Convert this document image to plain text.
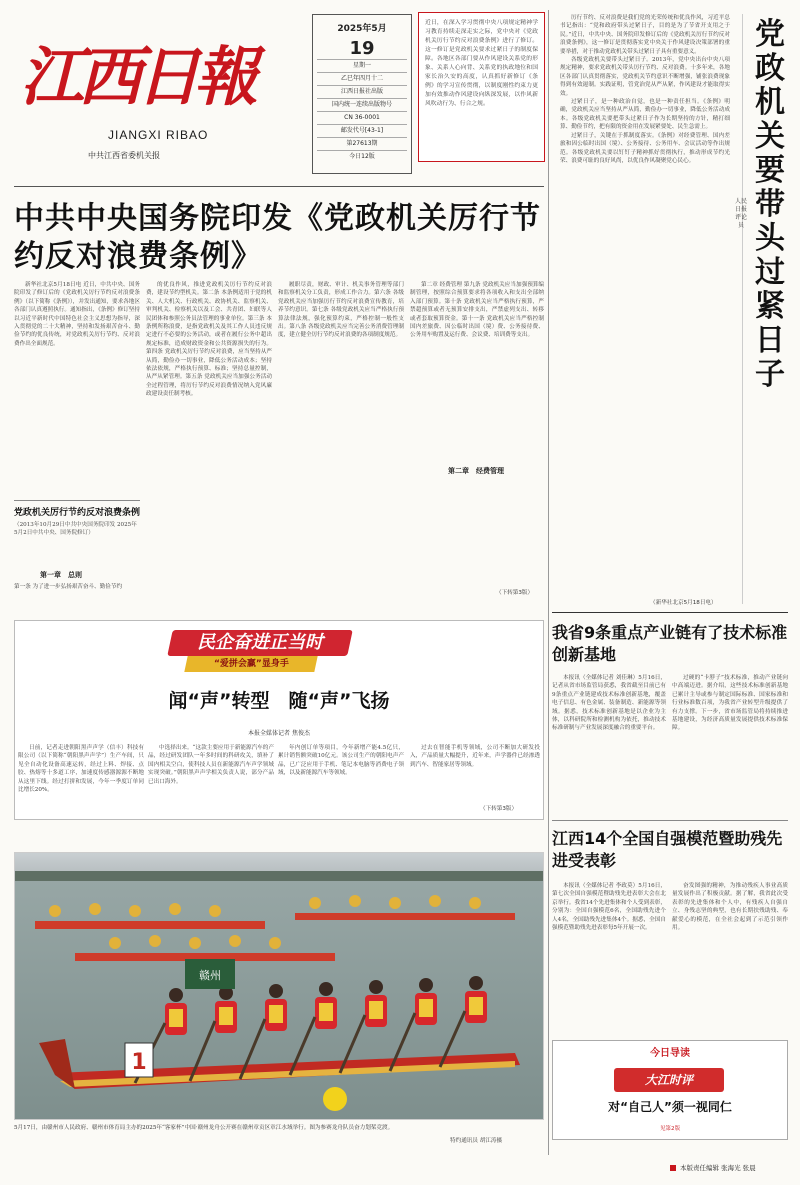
江西日報
JIANGXI RIBAO
中共江西省委机关报
2025年5月
19
星期一
乙巳年四月十二
江西日报社出版
国内统一连续出版物号
CN 36-0001
邮发代号[43-1]
第27613期
今日12版
近日，在深入学习贯彻中央八项规定精神学习教育持续走深走实之际，党中央对《党政机关厉行节约反对浪费条例》进行了修订。这一修订是党政机关要求过紧日子的制度保障。各地区各部门要从作风建设关系党的形象、关系人心向背、关系党的执政地位和国家长治久安的高度，认真抓好新修订《条例》的学习宣传贯彻，以制度刚性约束力更加有效推动作风建设向纵深发展，以作风新风吹动行为、行合之规。
党政机关要带头过紧日子
人民日报评论员

厉行节约、反对浪费是我们党的光荣传统和优良作风，习近平总书记指出：“党和政府带头过紧日子，目的是为了节省开支用之于民。”近日，中共中央、国务院印发修订后的《党政机关厉行节约反对浪费条例》，这一修订是贯彻落实党中央关于作风建设决策部署的重要举措，对于推动党政机关带头过紧日子具有重要意义。

各级党政机关要带头过紧日子。2013年，党中央出台中央八项规定精神，要求党政机关带头厉行节约、反对浪费。十多年来，各地区各部门认真贯彻落实，党政机关节约意识不断增强，铺张浪费现象得到有效遏制。实践证明，管党治党从严从紧，作风建设才能取得实效。

过紧日子，是一种政治自觉，也是一种责任担当。《条例》明确，党政机关应当坚持从严从简，勤俭办一切事业，降低公务活动成本。各级党政机关要把带头过紧日子作为长期坚持的方针，精打细算、勤俭节约，把有限的资金用在发展紧要处、民生急需上。

过紧日子，关键在于抓制度落实。《条例》对经费管理、国内差旅和因公临时出国（境）、公务接待、公务用车、会议活动等作出规范。各级党政机关要以钉钉子精神抓好贯彻执行，推动形成节约光荣、浪费可耻的良好风尚，以优良作风凝聚党心民心。

（新华社北京5月18日电）
中共中央国务院印发《党政机关厉行节约反对浪费条例》

新华社北京5月18日电 近日，中共中央、国务院印发了修订后的《党政机关厉行节约反对浪费条例》（以下简称《条例》），并发出通知，要求各地区各部门认真遵照执行。通知指出，《条例》修订坚持以习近平新时代中国特色社会主义思想为指导，深入贯彻党的二十大精神，坚持和发扬艰苦奋斗、勤俭节约的优良传统，对党政机关厉行节约、反对浪费作出全面规范。

的优良作风，推进党政机关厉行节约反对浪费，建设节约型机关。第二条 本条例适用于党的机关、人大机关、行政机关、政协机关、监察机关、审判机关、检察机关以及工会、共青团、妇联等人民团体和参照公务员法管理的事业单位。第三条 本条例所称浪费，是指党政机关及其工作人员违反规定进行不必要的公务活动，或者在履行公务中超出规定标准，造成财政资金和公共资源损失的行为。第四条 党政机关厉行节约反对浪费，应当坚持从严从简，勤俭办一切事业，降低公务活动成本；坚持依法依规，严格执行预算、标准；坚持总量控制，从严从紧管理。第五条 党政机关应当加强公务活动全过程管理，将厉行节约反对浪费情况纳入党风廉政建设责任制考核。

履职尽责，财政、审计、机关事务管理等部门和监察机关分工负责，形成工作合力。第六条 各级党政机关应当加强厉行节约反对浪费宣传教育，培养节约意识。第七条 各级党政机关应当严格执行预算法律法规，强化预算约束，严格控制一般性支出。第八条 各级党政机关应当完善公务消费管理制度，建立健全厉行节约反对浪费的各项制度规范。

第二章 经费管理 第九条 党政机关应当加强预算编制管理，按照综合预算要求将各项收入和支出全部纳入部门预算。第十条 党政机关应当严格执行预算，严禁超预算或者无预算安排支出，严禁虚列支出、转移或者套取预算资金。第十一条 党政机关应当严格控制国内差旅费、因公临时出国（境）费、公务接待费、公务用车购置及运行费、会议费、培训费等支出。

第二章　经费管理
（下转第3版）
党政机关厉行节约反对浪费条例
（2013年10月29日中共中央国务院印发 2025年5月2日中共中央、国务院修订）
第一章　总则
第一条 为了进一步弘扬艰苦奋斗、勤俭节约
民企奋进正当时
“爱拼会赢”显身手
闻“声”转型　随“声”飞扬
本报全媒体记者 焦俊杰

日前，记者走进朝阳黑声声学（信丰）科技有限公司（以下简称“朝阳黑声声学”）生产车间，只见全自动化设备高速运转，经过上料、焊接、点胶、热熔等十多道工序，加速度传感器源源不断地从这里下线。经过打拼和发展，今年一季度订单同比增长20%。

中选择出来。“这款主要应用于新能源汽车的产品，经过研发团队一年多时间的科研攻关，填补了国内相关空白，使科技人员在新能源汽车声学领域实现突破。”朝阳黑声声学相关负责人说，部分产品已出口海外。

年内创订单等项目，今年新增产能4.5亿只，累计销售额突破10亿元。该公司生产的朝阳电声产品，已广泛应用于手机、笔记本电脑等消费电子领域，以及新能源汽车等领域。

过去在智能手机等领域，公司不断加大研发投入，产品质量大幅提升，近年来，声学器件已经渗透到汽车、智能家居等领域。

（下转第3版）
赣州
1
5月17日，由赣州市人民政府、赣州市体育局主办的2025年“客家杯”中国·赣州龙舟公开赛在赣州章贡区章江水域举行。图为参赛龙舟队员奋力划桨竞渡。
特约通讯员 胡江涛摄
我省9条重点产业链有了技术标准创新基地

本报讯（全媒体记者 刘佳琳）5月16日，记者从省市场监管局获悉，我省截至目前已有9条重点产业链建成技术标准创新基地，覆盖电子信息、有色金属、装备制造、新能源等领域。据悉，技术标准创新基地是以企业为主体，以科研院所和检测机构为依托，推动技术标准研制与产业发展深度融合的重要平台。

过硬的“卡脖子”技术标准，推动产业链向中高端迈进。据介绍，这些技术标准创新基地已累计主导或参与制定国际标准、国家标准和行业标准数百项，为我省产业转型升级提供了有力支撑。下一步，省市场监管局将持续推进基地建设，为经济高质量发展提供技术标准保障。

江西14个全国自强模范暨助残先进受表彰

本报讯（全媒体记者 李政莫）5月16日，第七次全国自强模范暨助残先进表彰大会在北京举行。我省14个先进集体和个人受到表彰，分别为：全国自强模范6名，全国助残先进个人4名，全国助残先进集体4个。据悉，全国自强模范暨助残先进表彰每5年开展一次。

奋发图强的精神，为推动残疾人事业高质量发展作出了积极贡献。据了解，我省此次受表彰的先进集体和个人中，有残疾人自强自立、身残志坚的典型，也有长期扶残助残、奉献爱心的模范，在全社会起到了示范引领作用。

今日导读
大江时评
对“自己人”须一视同仁
见第2版
本版责任编辑 张海光 张晨
